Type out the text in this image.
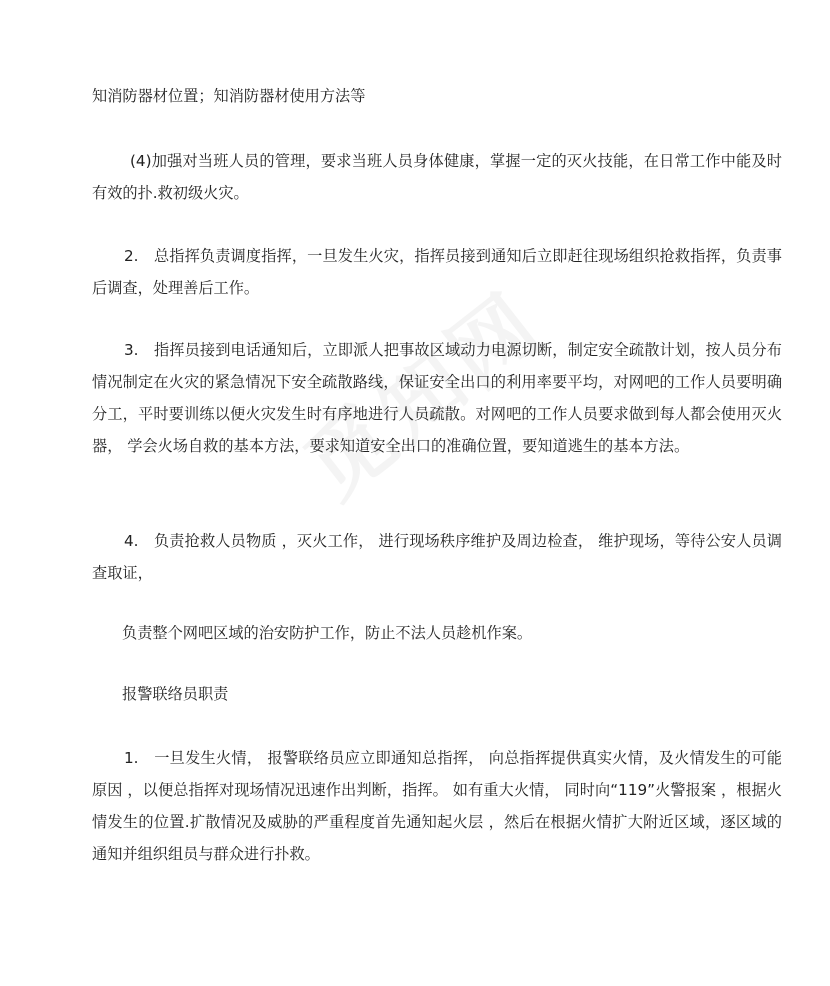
知消防器材位置；知消防器材使用方法等

(4)加强对当班人员的管理，要求当班人员身体健康，掌握一定的灭火技能，在日常工作中能及时有效的扑.救初级火灾。

2.　总指挥负责调度指挥，一旦发生火灾，指挥员接到通知后立即赶往现场组织抢救指挥，负责事后调查，处理善后工作。

3.　指挥员接到电话通知后，立即派人把事故区域动力电源切断，制定安全疏散计划，按人员分布情况制定在火灾的紧急情况下安全疏散路线，保证安全出口的利用率要平均，对网吧的工作人员要明确分工，平时要训练以便火灾发生时有序地进行人员疏散。对网吧的工作人员要求做到每人都会使用灭火器， 学会火场自救的基本方法，要求知道安全出口的准确位置，要知道逃生的基本方法。

4.　负责抢救人员物质 ，灭火工作， 进行现场秩序维护及周边检查， 维护现场，等待公安人员调查取证，

负责整个网吧区域的治安防护工作，防止不法人员趁机作案。

报警联络员职责

1.　一旦发生火情， 报警联络员应立即通知总指挥， 向总指挥提供真实火情，及火情发生的可能原因 ，以便总指挥对现场情况迅速作出判断，指挥。 如有重大火情， 同时向“119”火警报案 ，根据火情发生的位置.扩散情况及威胁的严重程度首先通知起火层 ，然后在根据火情扩大附近区域，逐区域的通知并组织组员与群众进行扑救。
